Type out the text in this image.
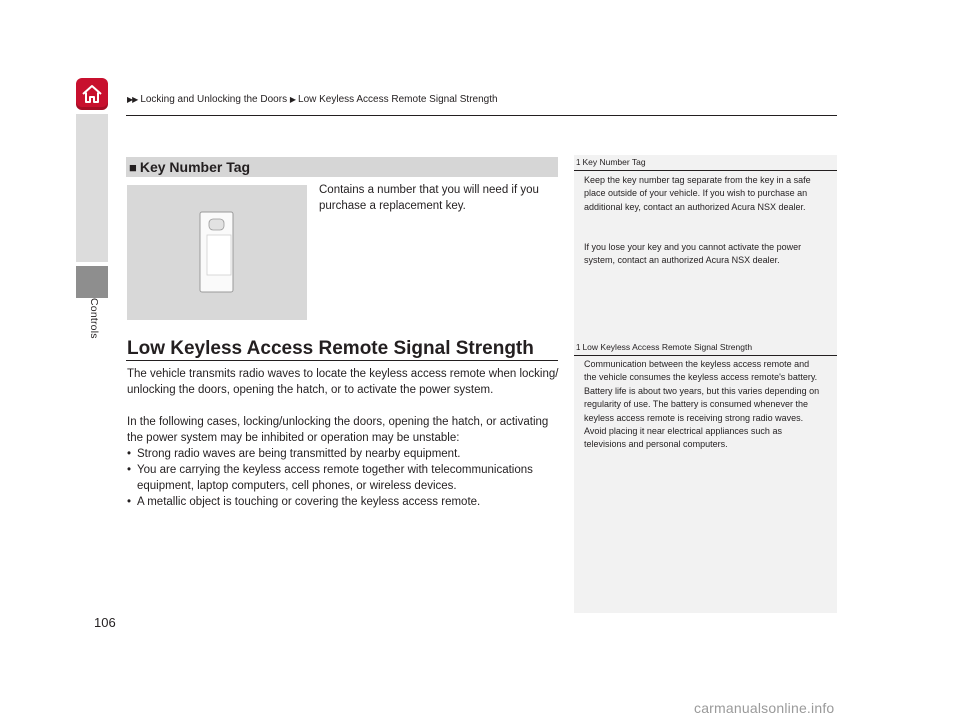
Controls
▶▶ Locking and Unlocking the Doors ▶ Low Keyless Access Remote Signal Strength
■ Key Number Tag
Contains a number that you will need if you purchase a replacement key.
Low Keyless Access Remote Signal Strength
The vehicle transmits radio waves to locate the keyless access remote when locking/ unlocking the doors, opening the hatch, or to activate the power system.
In the following cases, locking/unlocking the doors, opening the hatch, or activating the power system may be inhibited or operation may be unstable:
• Strong radio waves are being transmitted by nearby equipment.
• You are carrying the keyless access remote together with telecommunications equipment, laptop computers, cell phones, or wireless devices.
• A metallic object is touching or covering the keyless access remote.
1 Key Number Tag
Keep the key number tag separate from the key in a safe place outside of your vehicle. If you wish to purchase an additional key, contact an authorized Acura NSX dealer.
If you lose your key and you cannot activate the power system, contact an authorized Acura NSX dealer.
1 Low Keyless Access Remote Signal Strength
Communication between the keyless access remote and the vehicle consumes the keyless access remote's battery. Battery life is about two years, but this varies depending on regularity of use. The battery is consumed whenever the keyless access remote is receiving strong radio waves. Avoid placing it near electrical appliances such as televisions and personal computers.
106
carmanualsonline.info
